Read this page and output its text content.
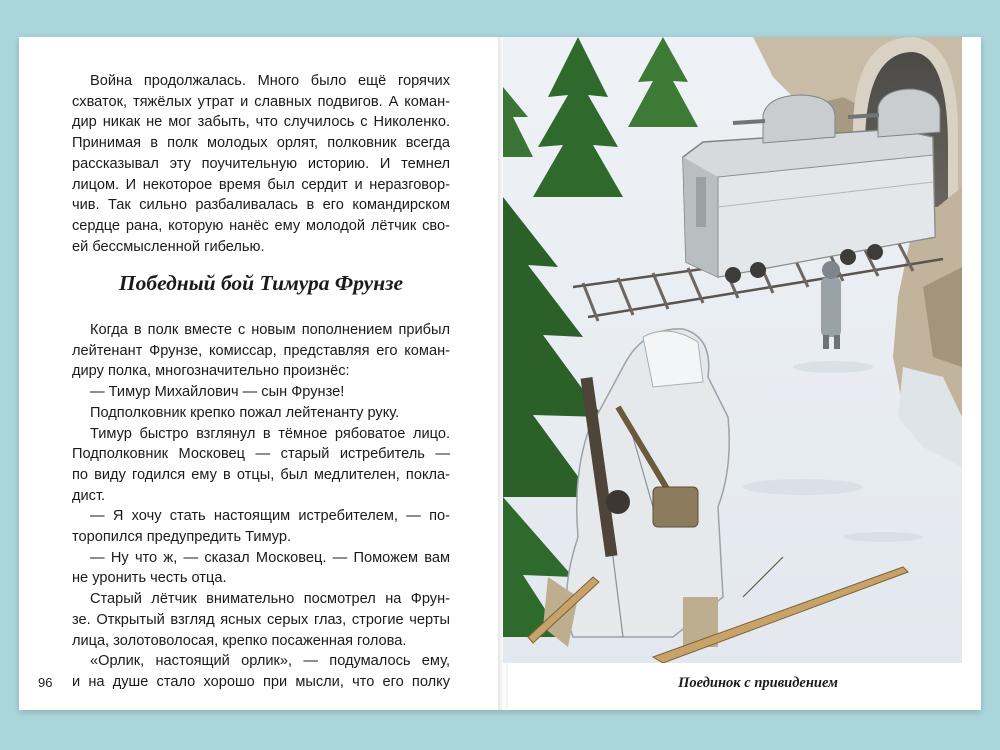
Война продолжалась. Много было ещё горячих
схваток, тяжёлых утрат и славных подвигов. А коман-
дир никак не мог забыть, что случилось с Николенко.
Принимая в полк молодых орлят, полковник всегда
рассказывал эту поучительную историю. И темнел
лицом. И некоторое время был сердит и неразговор-
чив. Так сильно разбаливалась в его командирском
сердце рана, которую нанёс ему молодой лётчик сво-
ей бессмысленной гибелью.

Победный бой Тимура Фрунзе

Когда в полк вместе с новым пополнением прибыл
лейтенант Фрунзе, комиссар, представляя его коман-
диру полка, многозначительно произнёс:

— Тимур Михайлович — сын Фрунзе!

Подполковник крепко пожал лейтенанту руку.

Тимур быстро взглянул в тёмное рябоватое лицо.
Подполковник Московец — старый истребитель —
по виду годился ему в отцы, был медлителен, покла-
дист.

— Я хочу стать настоящим истребителем, — по-
торопился предупредить Тимур.

— Ну что ж, — сказал Московец. — Поможем вам
не уронить честь отца.

Старый лётчик внимательно посмотрел на Фрун-
зе. Открытый взгляд ясных серых глаз, строгие черты
лица, золотоволосая, крепко посаженная голова.

«Орлик, настоящий орлик», — подумалось ему,
и на душе стало хорошо при мысли, что его полку

96	Поединок с привидением
